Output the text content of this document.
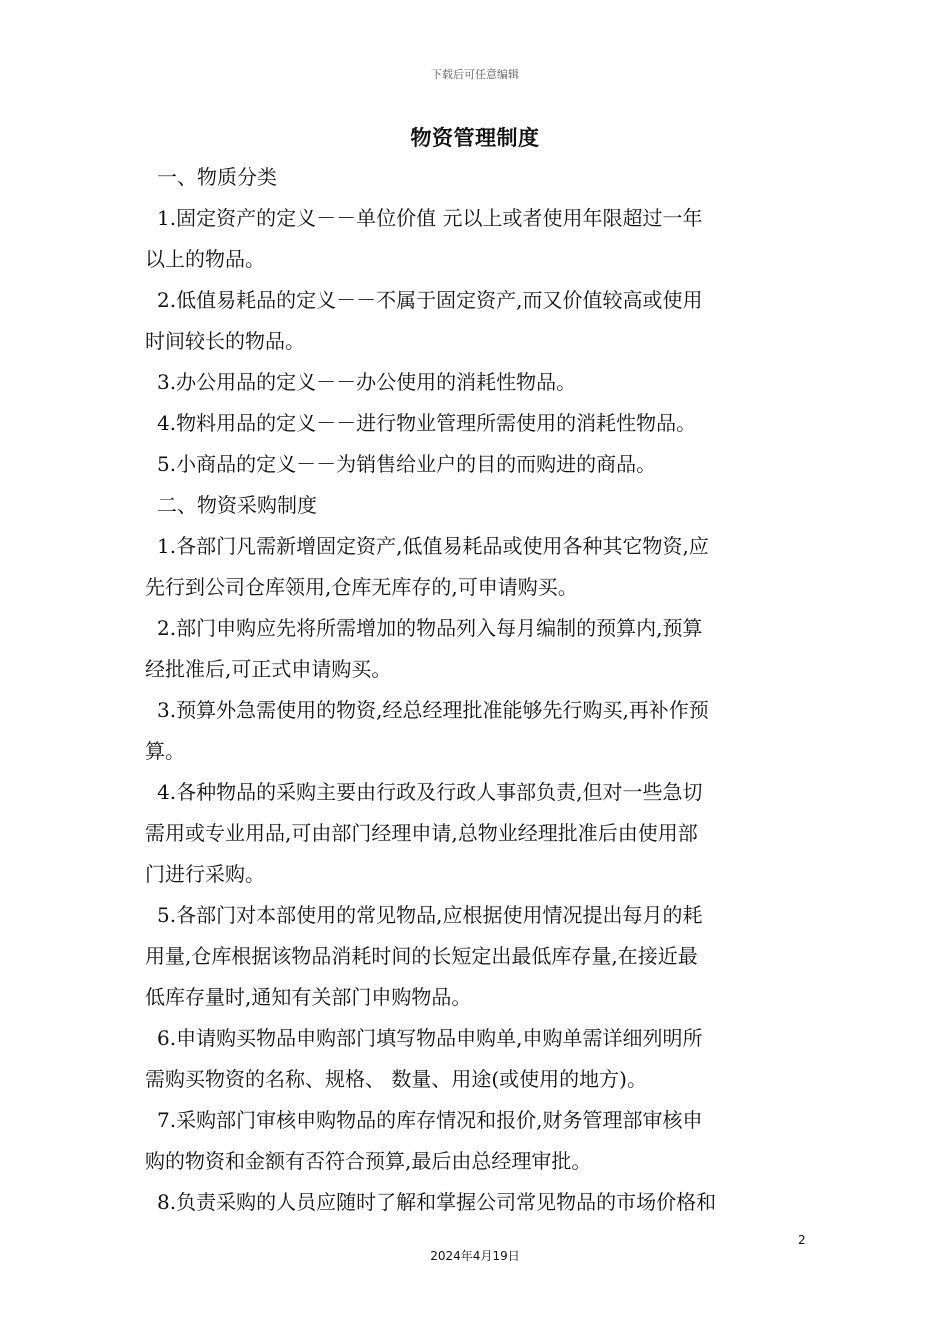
下载后可任意编辑
物资管理制度
一、物质分类
1.固定资产的定义－－单位价值 元以上或者使用年限超过一年
以上的物品。
2.低值易耗品的定义－－不属于固定资产,而又价值较高或使用
时间较长的物品。
3.办公用品的定义－－办公使用的消耗性物品。
4.物料用品的定义－－进行物业管理所需使用的消耗性物品。
5.小商品的定义－－为销售给业户的目的而购进的商品。
二、物资采购制度
1.各部门凡需新增固定资产,低值易耗品或使用各种其它物资,应
先行到公司仓库领用,仓库无库存的,可申请购买。
2.部门申购应先将所需增加的物品列入每月编制的预算内,预算
经批准后,可正式申请购买。
3.预算外急需使用的物资,经总经理批准能够先行购买,再补作预
算。
4.各种物品的采购主要由行政及行政人事部负责,但对一些急切
需用或专业用品,可由部门经理申请,总物业经理批准后由使用部
门进行采购。
5.各部门对本部使用的常见物品,应根据使用情况提出每月的耗
用量,仓库根据该物品消耗时间的长短定出最低库存量,在接近最
低库存量时,通知有关部门申购物品。
6.申请购买物品申购部门填写物品申购单,申购单需详细列明所
需购买物资的名称、规格、 数量、用途(或使用的地方)。
7.采购部门审核申购物品的库存情况和报价,财务管理部审核申
购的物资和金额有否符合预算,最后由总经理审批。
8.负责采购的人员应随时了解和掌握公司常见物品的市场价格和
2
2024年4月19日
